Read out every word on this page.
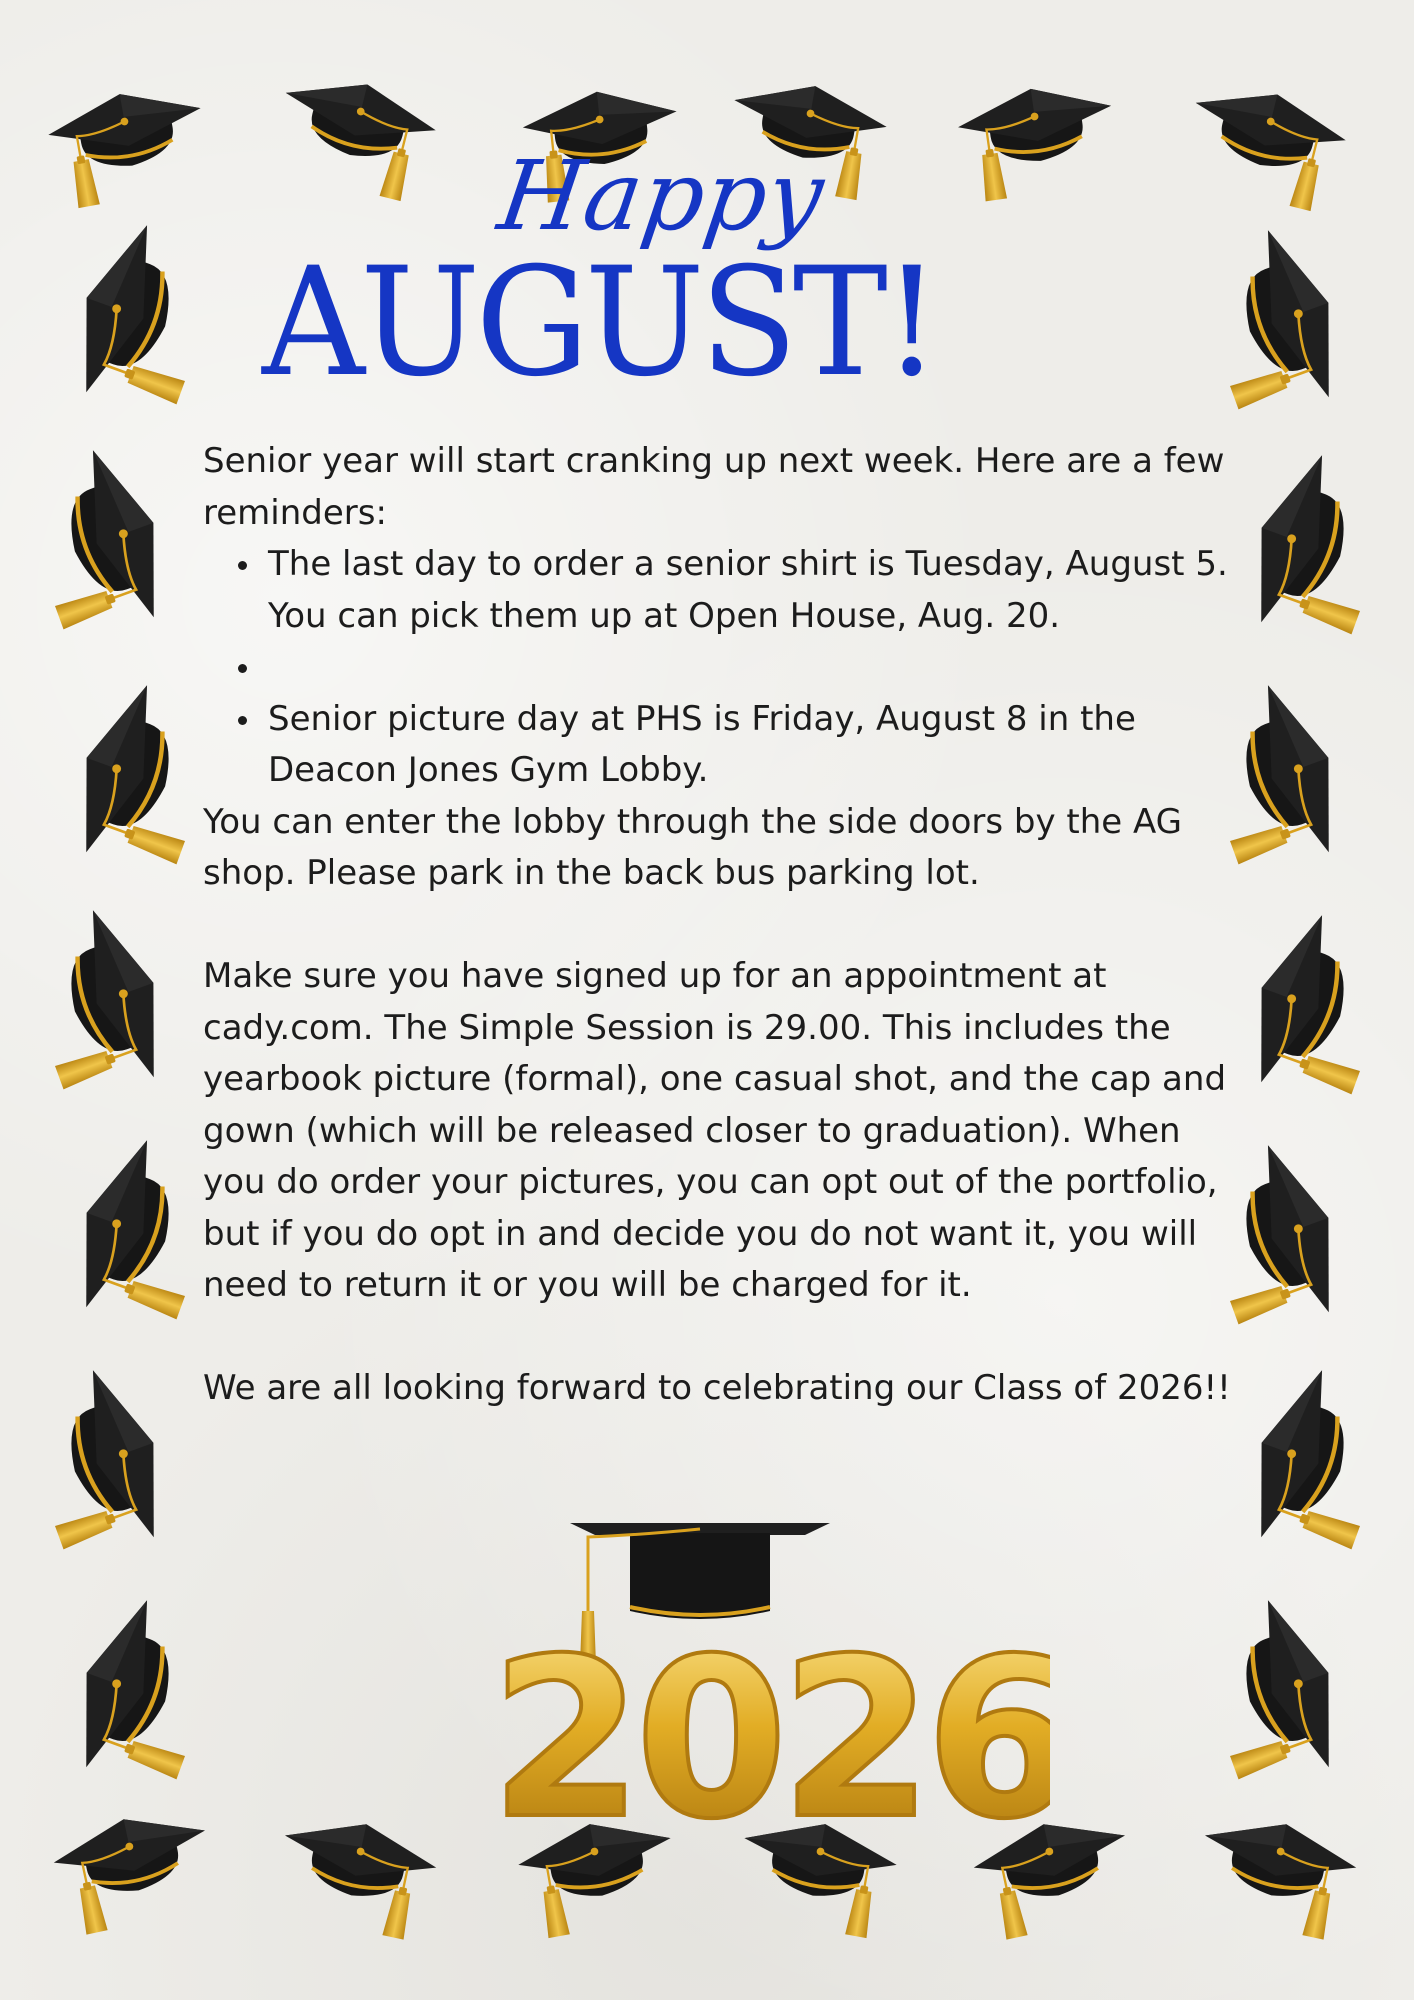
Happy
AUGUST!

Senior year will start cranking up next week. Here are a few reminders:

The last day to order a senior shirt is Tuesday, August 5. You can pick them up at Open House, Aug. 20.
Senior picture day at PHS is Friday, August 8 in the Deacon Jones Gym Lobby.

You can enter the lobby through the side doors by the AG shop. Please park in the back bus parking lot.

Make sure you have signed up for an appointment at cady.com. The Simple Session is 29.00. This includes the yearbook picture (formal), one casual shot, and the cap and gown (which will be released closer to graduation). When you do order your pictures, you can opt out of the portfolio, but if you do opt in and decide you do not want it, you will need to return it or you will be charged for it.

We are all looking forward to celebrating our Class of 2026!!

2026
